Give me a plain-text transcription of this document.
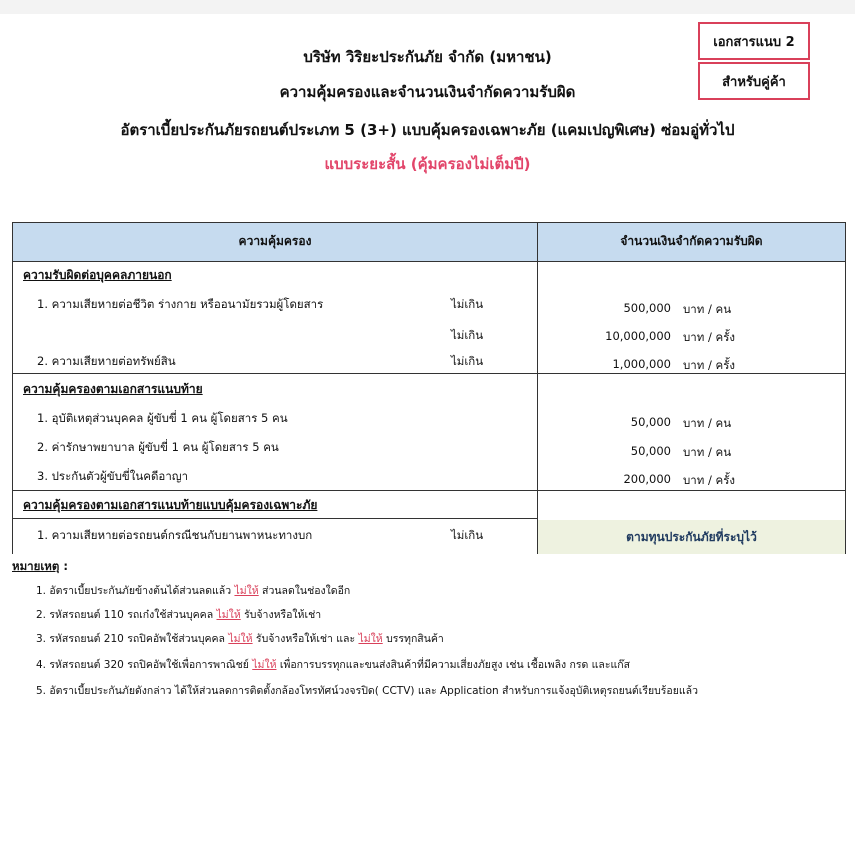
เอกสารแนบ 2
สำหรับคู่ค้า
บริษัท วิริยะประกันภัย จำกัด (มหาชน)
ความคุ้มครองและจำนวนเงินจำกัดความรับผิด
อัตราเบี้ยประกันภัยรถยนต์ประเภท 5 (3+) แบบคุ้มครองเฉพาะภัย (แคมเปญพิเศษ) ซ่อมอู่ทั่วไป
แบบระยะสั้น (คุ้มครองไม่เต็มปี)
ความคุ้มครอง	จำนวนเงินจำกัดความรับผิด
ความรับผิดต่อบุคคลภายนอก
1. ความเสียหายต่อชีวิต ร่างกาย หรืออนามัยรวมผู้โดยสาร	ไม่เกิน	500,000 บาท / คน
ไม่เกิน	10,000,000 บาท / ครั้ง
2. ความเสียหายต่อทรัพย์สิน	ไม่เกิน	1,000,000 บาท / ครั้ง
ความคุ้มครองตามเอกสารแนบท้าย
1. อุบัติเหตุส่วนบุคคล ผู้ขับขี่ 1 คน ผู้โดยสาร 5 คน	50,000 บาท / คน
2. ค่ารักษาพยาบาล ผู้ขับขี่ 1 คน ผู้โดยสาร 5 คน	50,000 บาท / คน
3. ประกันตัวผู้ขับขี่ในคดีอาญา	200,000 บาท / ครั้ง
ความคุ้มครองตามเอกสารแนบท้ายแบบคุ้มครองเฉพาะภัย
1. ความเสียหายต่อรถยนต์กรณีชนกับยานพาหนะทางบก	ไม่เกิน	ตามทุนประกันภัยที่ระบุไว้
หมายเหตุ :
1. อัตราเบี้ยประกันภัยข้างต้นได้ส่วนลดแล้ว ไม่ให้ ส่วนลดในช่องใดอีก
2. รหัสรถยนต์ 110 รถเก๋งใช้ส่วนบุคคล ไม่ให้ รับจ้างหรือให้เช่า
3. รหัสรถยนต์ 210 รถปิคอัพใช้ส่วนบุคคล ไม่ให้ รับจ้างหรือให้เช่า และ ไม่ให้ บรรทุกสินค้า
4. รหัสรถยนต์ 320 รถปิคอัพใช้เพื่อการพาณิชย์ ไม่ให้ เพื่อการบรรทุกและขนส่งสินค้าที่มีความเสี่ยงภัยสูง เช่น เชื้อเพลิง กรด และแก๊ส
5. อัตราเบี้ยประกันภัยดังกล่าว ได้ให้ส่วนลดการติดตั้งกล้องโทรทัศน์วงจรปิด( CCTV) และ Application สำหรับการแจ้งอุบัติเหตุรถยนต์เรียบร้อยแล้ว
